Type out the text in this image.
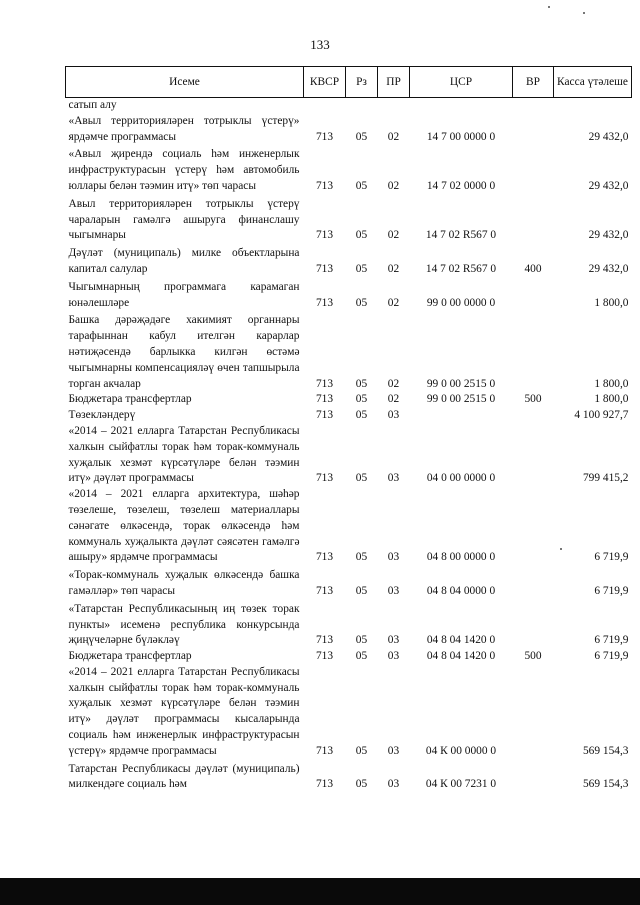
133
Исеме	КВСР	Рз	ПР	ЦСР	ВР	Касса үтәлеше
сатып алу						
«Авыл территорияләрен тотрыклы үстерү» ярдәмче программасы	713	05	02	14 7 00 0000 0		29 432,0
«Авыл җирендә социаль һәм инженерлык инфраструктурасын үстерү һәм автомобиль юллары белән тәэмин итү» төп чарасы	713	05	02	14 7 02 0000 0		29 432,0
Авыл территорияләрен тотрыклы үстерү чараларын гамәлгә ашыруга финанслашу чыгымнары	713	05	02	14 7 02 R567 0		29 432,0
Дәүләт (муниципаль) милке объектларына капитал салулар	713	05	02	14 7 02 R567 0	400	29 432,0
Чыгымнарның программага карамаган юнәлешләре	713	05	02	99 0 00 0000 0		1 800,0
Башка дәрәҗәдәге хакимият органнары тарафыннан кабул ителгән карарлар нәтиҗәсендә барлыкка килгән өстәмә чыгымнарны компенсацияләү өчен тапшырыла торган акчалар	713	05	02	99 0 00 2515 0		1 800,0
Бюджетара трансфертлар	713	05	02	99 0 00 2515 0	500	1 800,0
Төзекләндерү	713	05	03			4 100 927,7
«2014 – 2021 елларга Татарстан Республикасы халкын сыйфатлы торак һәм торак-коммуналь хуҗалык хезмәт күрсәтүләре белән тәэмин итү» дәүләт программасы	713	05	03	04 0 00 0000 0		799 415,2
«2014 – 2021 елларга архитектура, шәһәр төзелеше, төзелеш, төзелеш материаллары сәнәгате өлкәсендә, торак өлкәсендә һәм коммуналь хуҗалыкта дәүләт сәясәтен гамәлгә ашыру» ярдәмче программасы	713	05	03	04 8 00 0000 0		6 719,9
«Торак-коммуналь хуҗалык өлкәсендә башка гамәлләр» төп чарасы	713	05	03	04 8 04 0000 0		6 719,9
«Татарстан Республикасының иң төзек торак пункты» исеменә республика конкурсында җиңүчеләрне бүләкләү	713	05	03	04 8 04 1420 0		6 719,9
Бюджетара трансфертлар	713	05	03	04 8 04 1420 0	500	6 719,9
«2014 – 2021 елларга Татарстан Республикасы халкын сыйфатлы торак һәм торак-коммуналь хуҗалык хезмәт күрсәтүләре белән тәэмин итү» дәүләт программасы кысаларында социаль һәм инженерлык инфраструктурасын үстерү» ярдәмче программасы	713	05	03	04 К 00 0000 0		569 154,3
Татарстан Республикасы дәүләт (муниципаль) милкендәге социаль һәм	713	05	03	04 К 00 7231 0		569 154,3
